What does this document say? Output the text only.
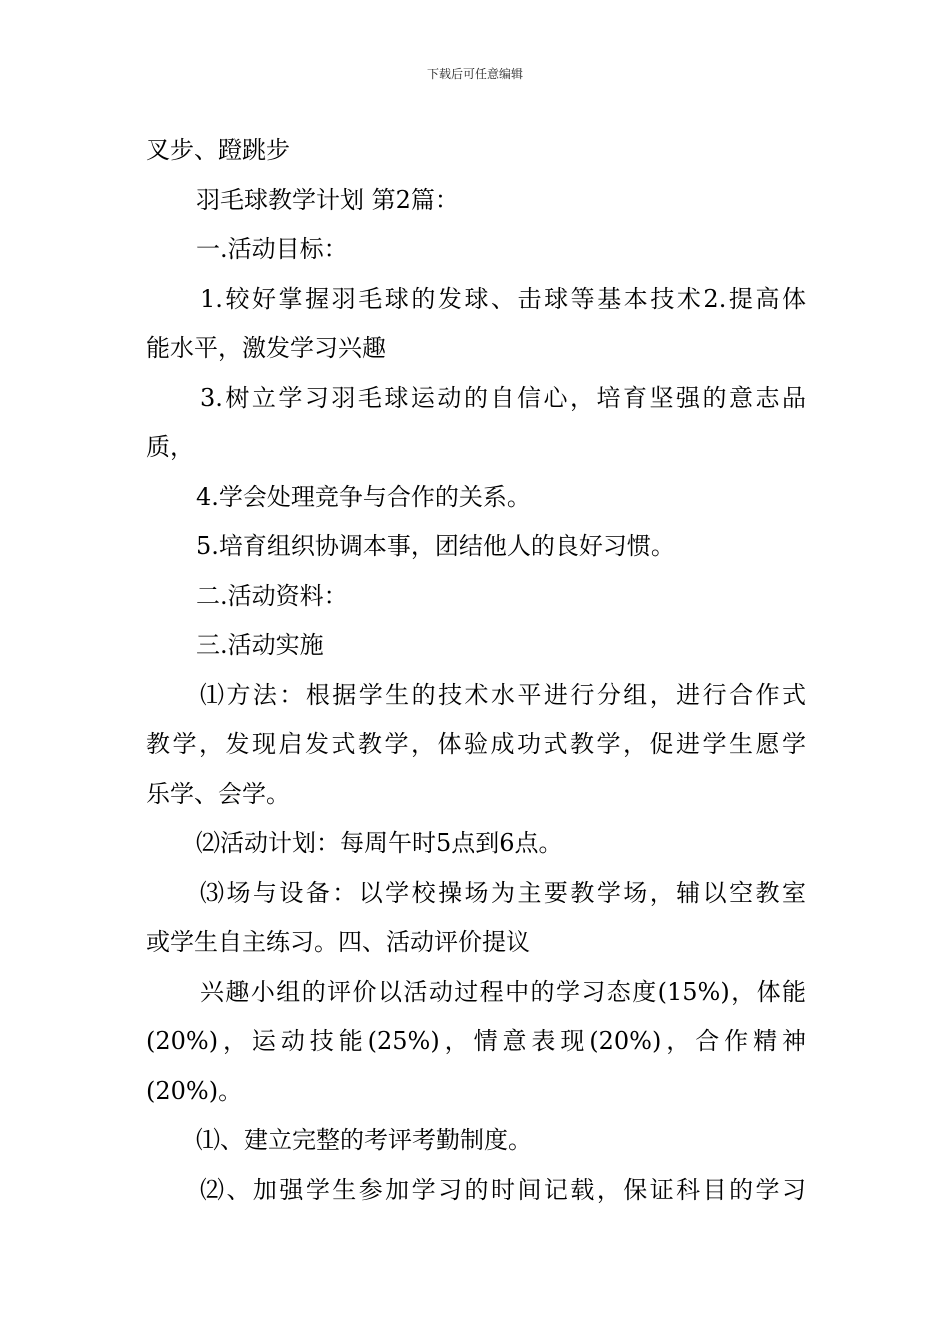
下载后可任意编辑

叉步、蹬跳步

羽毛球教学计划 第2篇：

一.活动目标：

1.较好掌握羽毛球的发球、击球等基本技术2.提高体

能水平，激发学习兴趣

3.树立学习羽毛球运动的自信心，培育坚强的意志品

质，

4.学会处理竞争与合作的关系。

5.培育组织协调本事，团结他人的良好习惯。

二.活动资料：

三.活动实施

⑴方法：根据学生的技术水平进行分组，进行合作式

教学，发现启发式教学，体验成功式教学，促进学生愿学

乐学、会学。

⑵活动计划：每周午时5点到6点。

⑶场与设备：以学校操场为主要教学场，辅以空教室

或学生自主练习。四、活动评价提议

兴趣小组的评价以活动过程中的学习态度(15%)，体能

(20%)，运动技能(25%)，情意表现(20%)，合作精神

(20%)。

⑴、建立完整的考评考勤制度。

⑵、加强学生参加学习的时间记载，保证科目的学习
